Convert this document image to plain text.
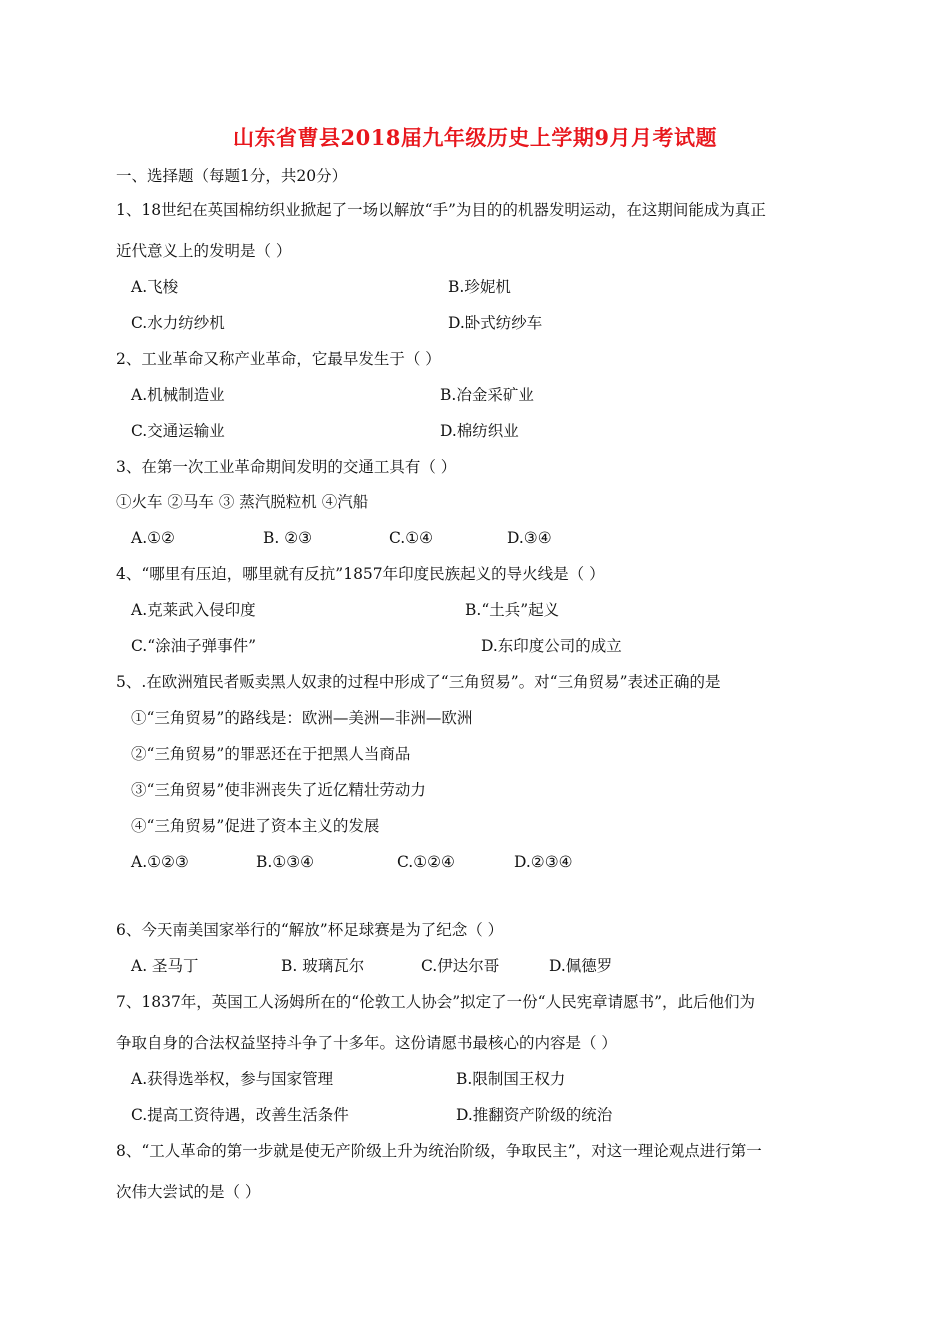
山东省曹县2018届九年级历史上学期9月月考试题
一、选择题（每题1分，共20分）
1、18世纪在英国棉纺织业掀起了一场以解放“手”为目的的机器发明运动，在这期间能成为真正
近代意义上的发明是（ ）
A.飞梭	B.珍妮机
C.水力纺纱机	D.卧式纺纱车
2、工业革命又称产业革命，它最早发生于（ ）
A.机械制造业	B.冶金采矿业
C.交通运输业	D.棉纺织业
3、在第一次工业革命期间发明的交通工具有（ ）
①火车 ②马车 ③ 蒸汽脱粒机 ④汽船
A.①②	B. ②③	C.①④	D.③④
4、“哪里有压迫，哪里就有反抗”1857年印度民族起义的导火线是（ ）
A.克莱武入侵印度	B.“土兵”起义
C.“涂油子弹事件”	D.东印度公司的成立
5、.在欧洲殖民者贩卖黑人奴隶的过程中形成了“三角贸易”。对“三角贸易”表述正确的是
①“三角贸易”的路线是：欧洲—美洲—非洲—欧洲
②“三角贸易”的罪恶还在于把黑人当商品
③“三角贸易”使非洲丧失了近亿精壮劳动力
④“三角贸易”促进了资本主义的发展
A.①②③	B.①③④	C.①②④	D.②③④
6、今天南美国家举行的“解放”杯足球赛是为了纪念（ ）
A. 圣马丁	B. 玻璃瓦尔	C.伊达尔哥	D.佩德罗
7、1837年，英国工人汤姆所在的“伦敦工人协会”拟定了一份“人民宪章请愿书”，此后他们为
争取自身的合法权益坚持斗争了十多年。这份请愿书最核心的内容是（ ）
A.获得选举权，参与国家管理	B.限制国王权力
C.提高工资待遇，改善生活条件	D.推翻资产阶级的统治
8、“工人革命的第一步就是使无产阶级上升为统治阶级，争取民主”，对这一理论观点进行第一
次伟大尝试的是（ ）
